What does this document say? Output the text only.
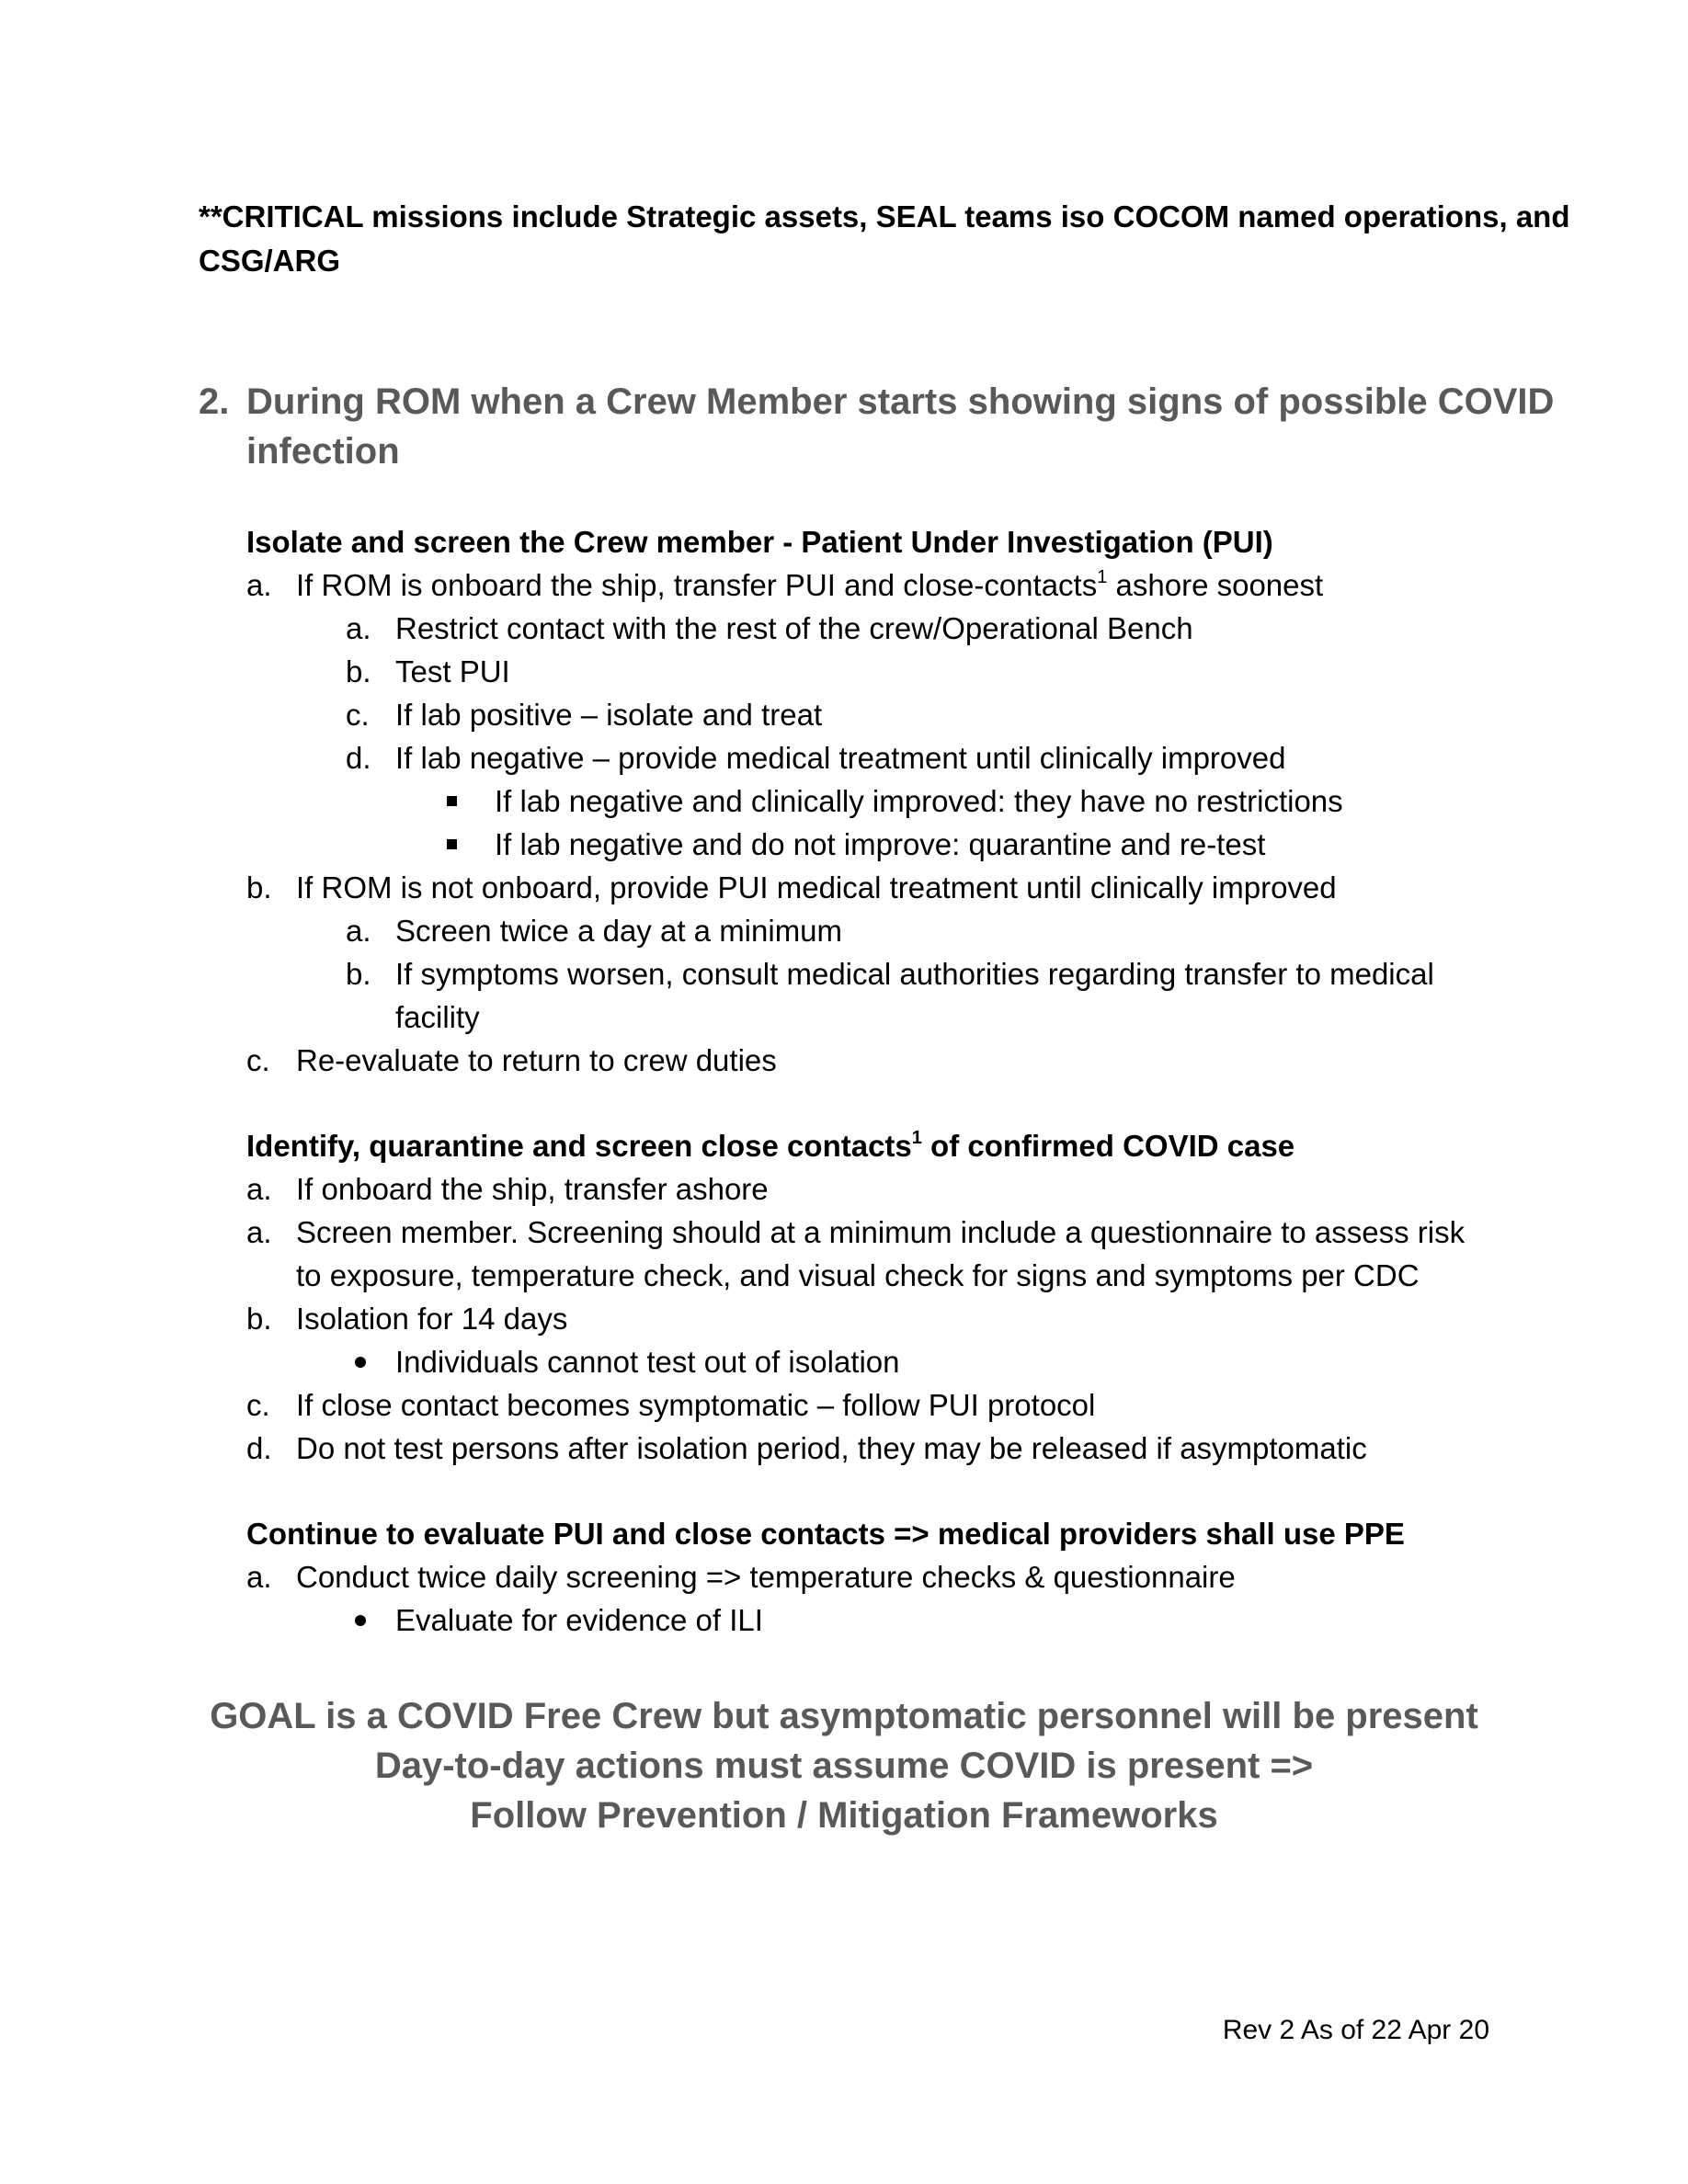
**CRITICAL missions include Strategic assets, SEAL teams iso COCOM named operations, and
CSG/ARG
2. During ROM when a Crew Member starts showing signs of possible COVID
infection
Isolate and screen the Crew member - Patient Under Investigation (PUI)
a. If ROM is onboard the ship, transfer PUI and close-contacts$^1$ ashore soonest
a. Restrict contact with the rest of the crew/Operational Bench
b. Test PUI
c. If lab positive – isolate and treat
d. If lab negative – provide medical treatment until clinically improved
If lab negative and clinically improved: they have no restrictions
If lab negative and do not improve: quarantine and re-test
b. If ROM is not onboard, provide PUI medical treatment until clinically improved
a. Screen twice a day at a minimum
b. If symptoms worsen, consult medical authorities regarding transfer to medical
facility
c. Re-evaluate to return to crew duties
Identify, quarantine and screen close contacts$^1$ of confirmed COVID case
a. If onboard the ship, transfer ashore
a. Screen member. Screening should at a minimum include a questionnaire to assess risk
to exposure, temperature check, and visual check for signs and symptoms per CDC
b. Isolation for 14 days
Individuals cannot test out of isolation
c. If close contact becomes symptomatic – follow PUI protocol
d. Do not test persons after isolation period, they may be released if asymptomatic
Continue to evaluate PUI and close contacts => medical providers shall use PPE
a. Conduct twice daily screening => temperature checks & questionnaire
Evaluate for evidence of ILI
GOAL is a COVID Free Crew but asymptomatic personnel will be present
Day-to-day actions must assume COVID is present =>
Follow Prevention / Mitigation Frameworks
Rev 2 As of 22 Apr 20
